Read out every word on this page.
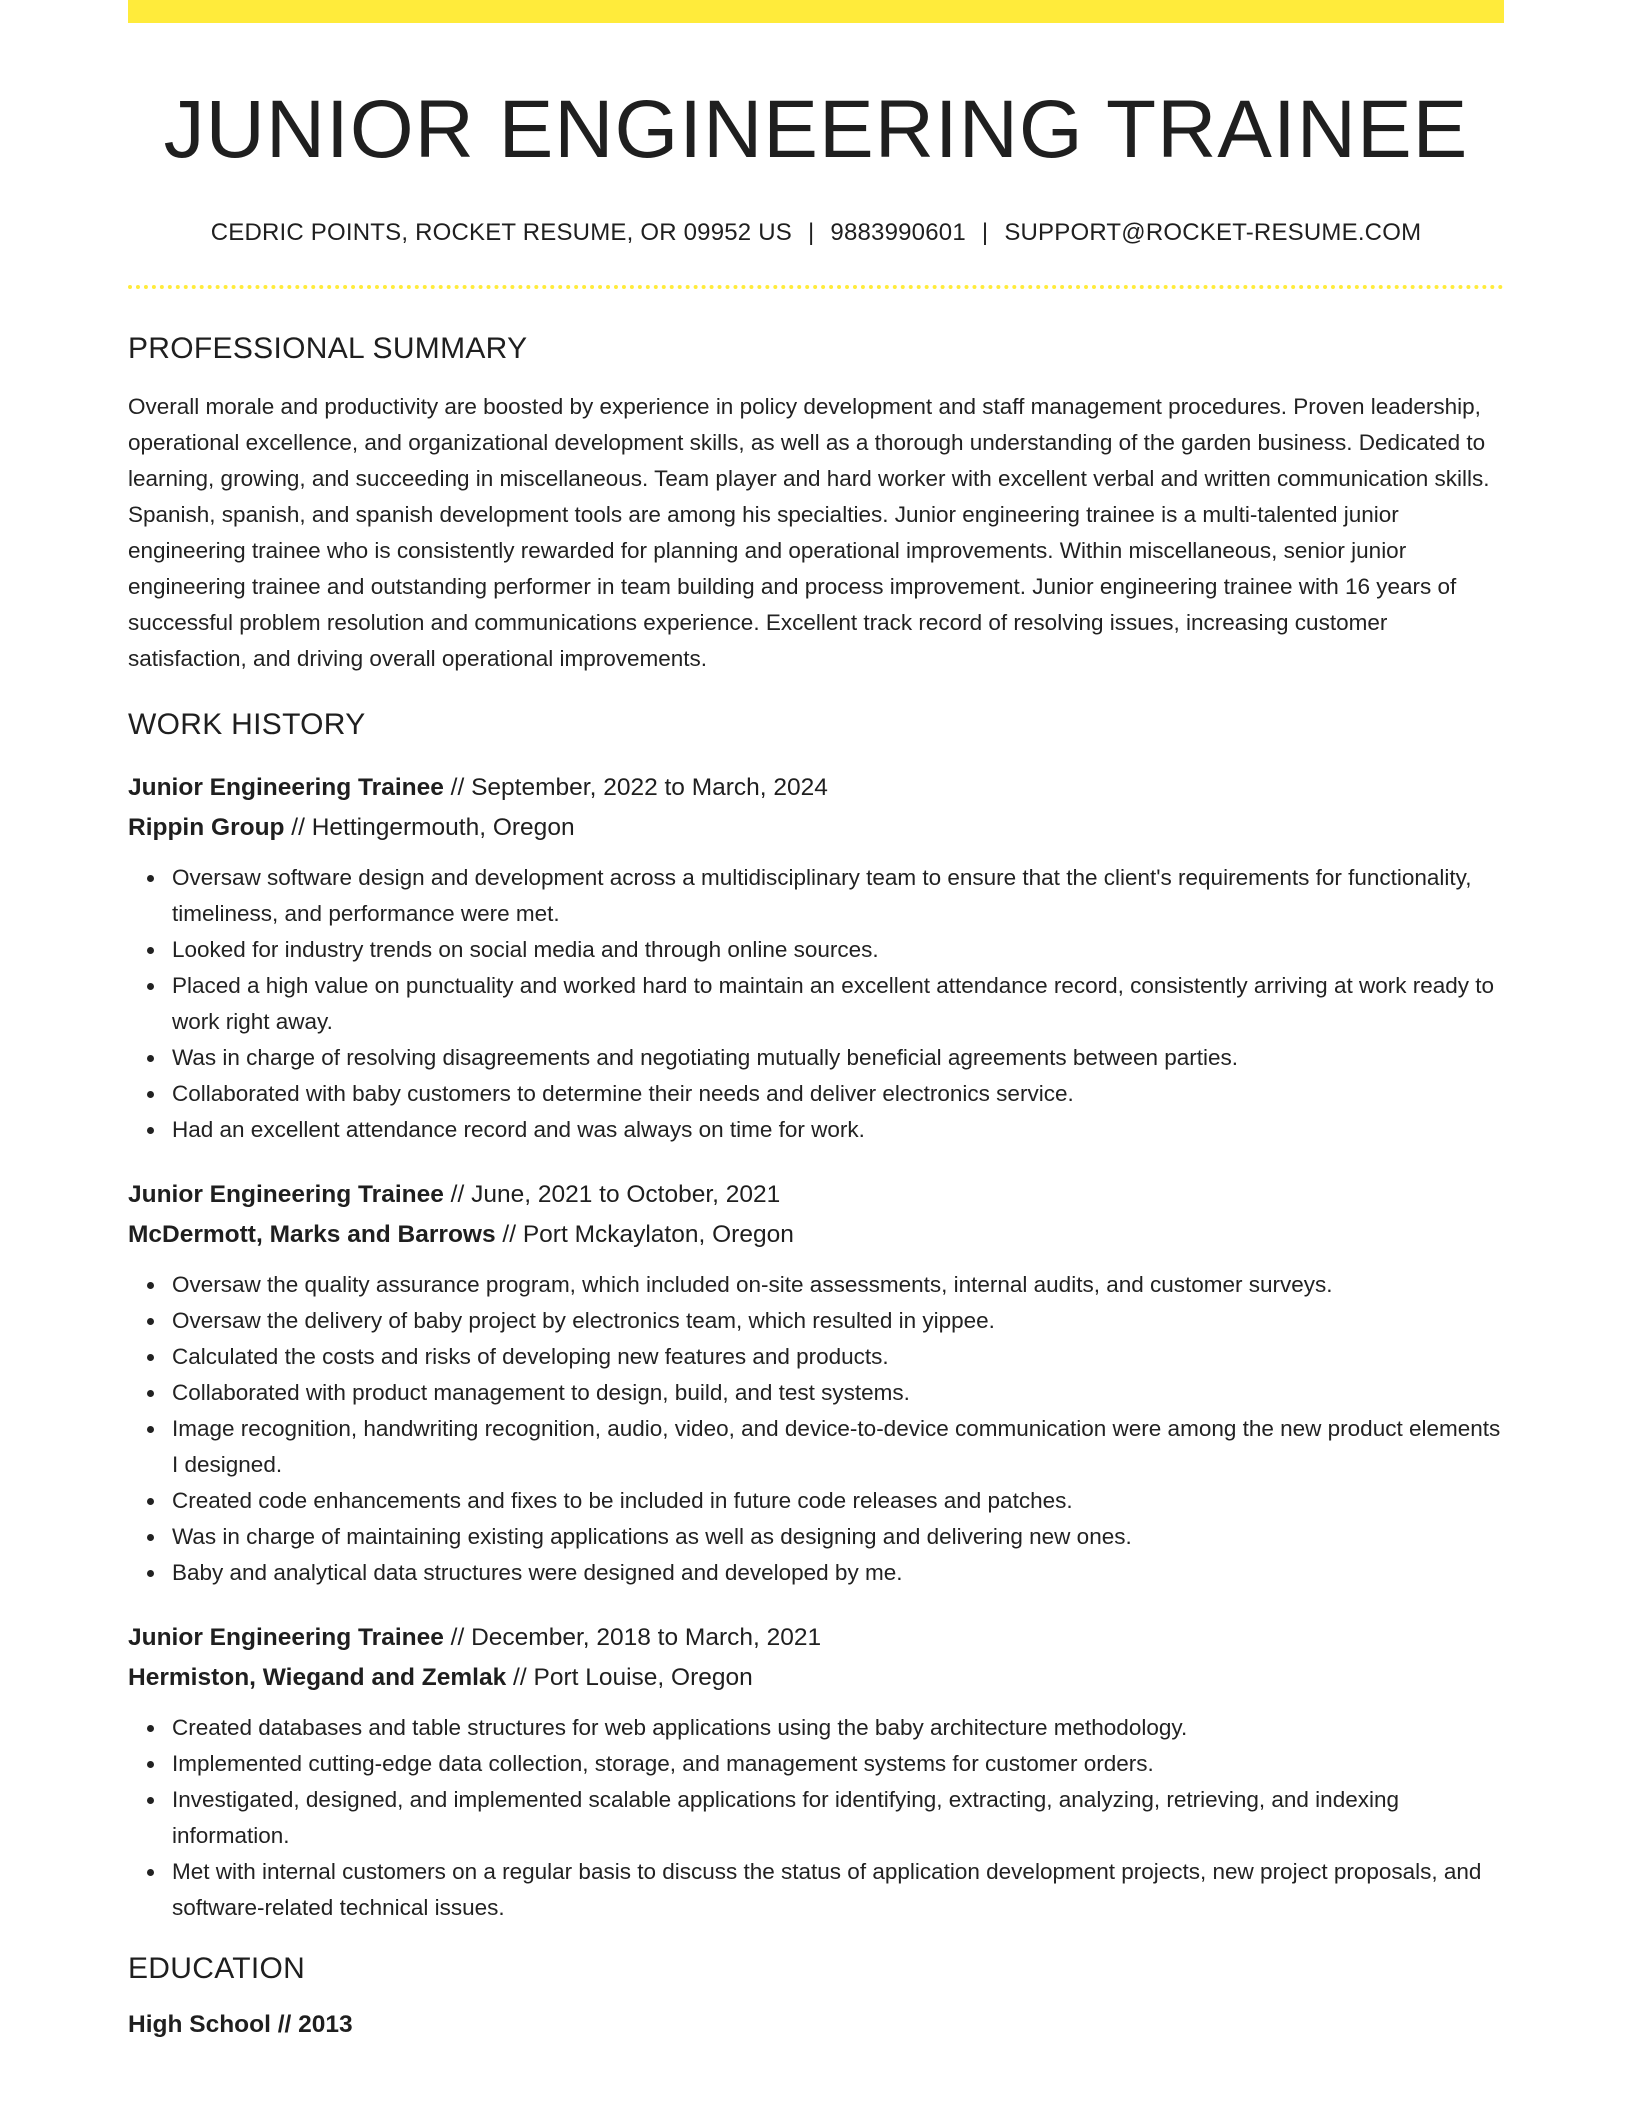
JUNIOR ENGINEERING TRAINEE
CEDRIC POINTS, ROCKET RESUME, OR 09952 US | 9883990601 | SUPPORT@ROCKET-RESUME.COM
PROFESSIONAL SUMMARY

Overall morale and productivity are boosted by experience in policy development and staff management procedures. Proven leadership, operational excellence, and organizational development skills, as well as a thorough understanding of the garden business. Dedicated to learning, growing, and succeeding in miscellaneous. Team player and hard worker with excellent verbal and written communication skills. Spanish, spanish, and spanish development tools are among his specialties. Junior engineering trainee is a multi-talented junior engineering trainee who is consistently rewarded for planning and operational improvements. Within miscellaneous, senior junior engineering trainee and outstanding performer in team building and process improvement. Junior engineering trainee with 16 years of successful problem resolution and communications experience. Excellent track record of resolving issues, increasing customer satisfaction, and driving overall operational improvements.

WORK HISTORY
Junior Engineering Trainee // September, 2022 to March, 2024
Rippin Group // Hettingermouth, Oregon
Oversaw software design and development across a multidisciplinary team to ensure that the client's requirements for functionality, timeliness, and performance were met.
Looked for industry trends on social media and through online sources.
Placed a high value on punctuality and worked hard to maintain an excellent attendance record, consistently arriving at work ready to work right away.
Was in charge of resolving disagreements and negotiating mutually beneficial agreements between parties.
Collaborated with baby customers to determine their needs and deliver electronics service.
Had an excellent attendance record and was always on time for work.
Junior Engineering Trainee // June, 2021 to October, 2021
McDermott, Marks and Barrows // Port Mckaylaton, Oregon
Oversaw the quality assurance program, which included on-site assessments, internal audits, and customer surveys.
Oversaw the delivery of baby project by electronics team, which resulted in yippee.
Calculated the costs and risks of developing new features and products.
Collaborated with product management to design, build, and test systems.
Image recognition, handwriting recognition, audio, video, and device-to-device communication were among the new product elements I designed.
Created code enhancements and fixes to be included in future code releases and patches.
Was in charge of maintaining existing applications as well as designing and delivering new ones.
Baby and analytical data structures were designed and developed by me.
Junior Engineering Trainee // December, 2018 to March, 2021
Hermiston, Wiegand and Zemlak // Port Louise, Oregon
Created databases and table structures for web applications using the baby architecture methodology.
Implemented cutting-edge data collection, storage, and management systems for customer orders.
Investigated, designed, and implemented scalable applications for identifying, extracting, analyzing, retrieving, and indexing information.
Met with internal customers on a regular basis to discuss the status of application development projects, new project proposals, and software-related technical issues.
EDUCATION
High School // 2013
